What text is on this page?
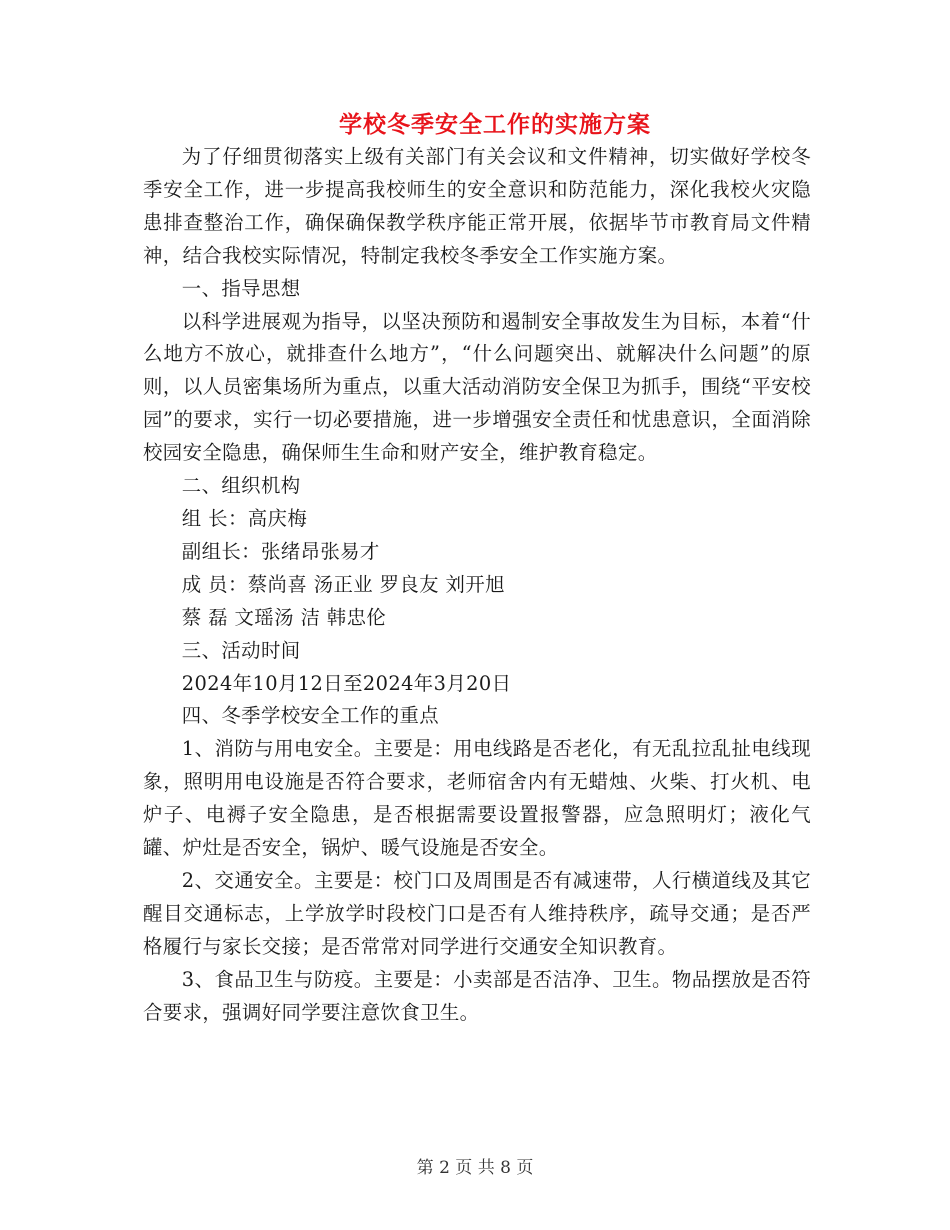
学校冬季安全工作的实施方案

为了仔细贯彻落实上级有关部门有关会议和文件精神，切实做好学校冬季安全工作，进一步提高我校师生的安全意识和防范能力，深化我校火灾隐患排查整治工作，确保确保教学秩序能正常开展，依据毕节市教育局文件精神，结合我校实际情况，特制定我校冬季安全工作实施方案。

一、指导思想

以科学进展观为指导，以坚决预防和遏制安全事故发生为目标，本着“什么地方不放心，就排查什么地方”，“什么问题突出、就解决什么问题”的原则，以人员密集场所为重点，以重大活动消防安全保卫为抓手，围绕“平安校园”的要求，实行一切必要措施，进一步增强安全责任和忧患意识，全面消除校园安全隐患，确保师生生命和财产安全，维护教育稳定。

二、组织机构

组 长：高庆梅

副组长：张绪昂张易才

成 员：蔡尚喜 汤正业 罗良友 刘开旭

蔡 磊 文瑶汤 洁 韩忠伦

三、活动时间

2024年10月12日至2024年3月20日

四、冬季学校安全工作的重点

1、消防与用电安全。主要是：用电线路是否老化，有无乱拉乱扯电线现象，照明用电设施是否符合要求，老师宿舍内有无蜡烛、火柴、打火机、电炉子、电褥子安全隐患，是否根据需要设置报警器，应急照明灯；液化气罐、炉灶是否安全，锅炉、暖气设施是否安全。

2、交通安全。主要是：校门口及周围是否有减速带，人行横道线及其它醒目交通标志，上学放学时段校门口是否有人维持秩序，疏导交通；是否严格履行与家长交接；是否常常对同学进行交通安全知识教育。

3、食品卫生与防疫。主要是：小卖部是否洁净、卫生。物品摆放是否符合要求，强调好同学要注意饮食卫生。

第 2 页 共 8 页
